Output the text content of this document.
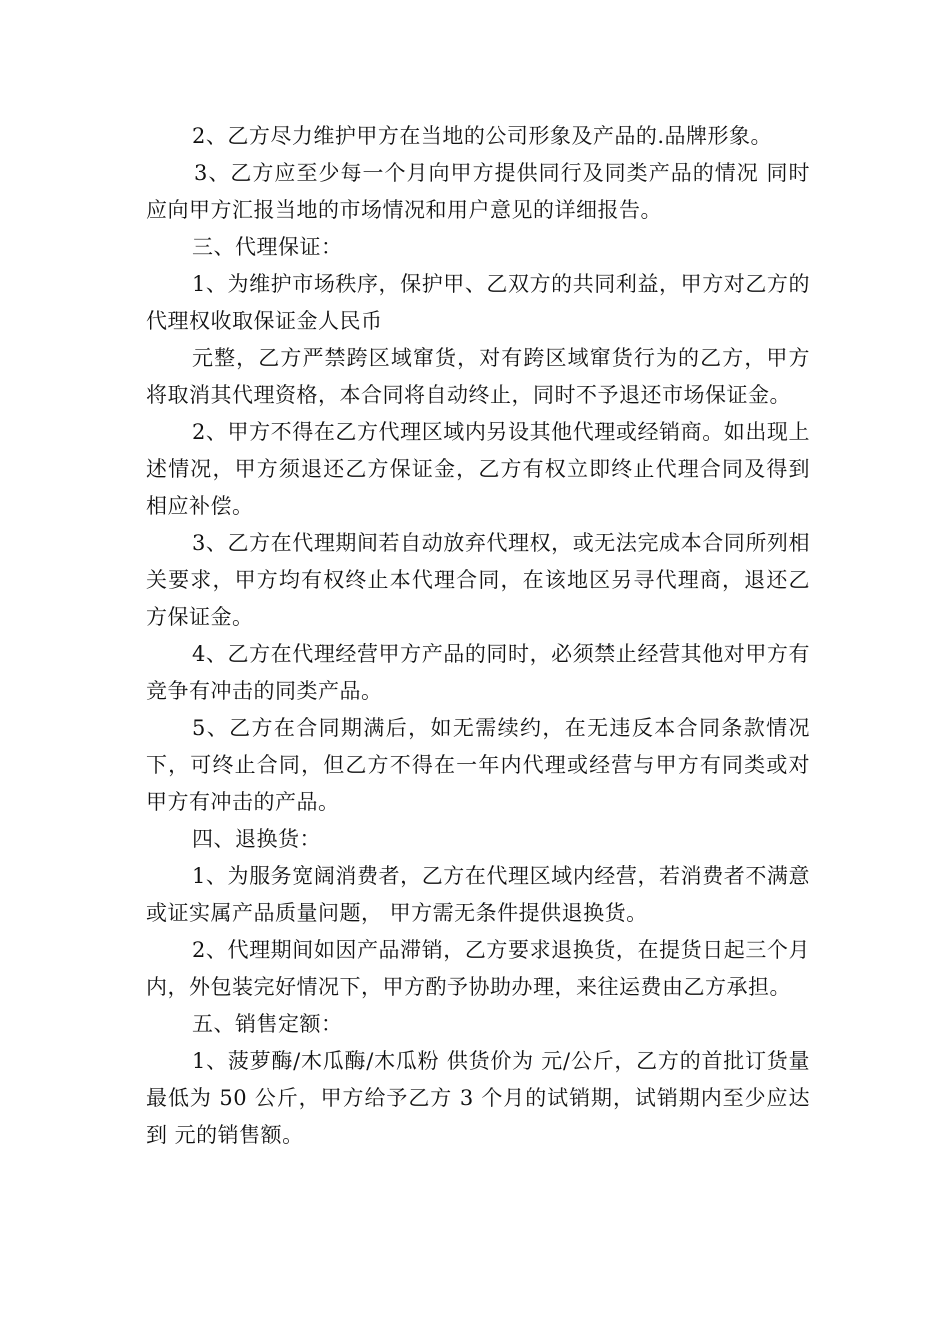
2、乙方尽力维护甲方在当地的公司形象及产品的.品牌形象。

3、乙方应至少每一个月向甲方提供同行及同类产品的情况 同时应向甲方汇报当地的市场情况和用户意见的详细报告。

三、代理保证：

1、为维护市场秩序，保护甲、乙双方的共同利益，甲方对乙方的代理权收取保证金人民币

元整，乙方严禁跨区域窜货，对有跨区域窜货行为的乙方，甲方将取消其代理资格，本合同将自动终止，同时不予退还市场保证金。

2、甲方不得在乙方代理区域内另设其他代理或经销商。如出现上述情况，甲方须退还乙方保证金，乙方有权立即终止代理合同及得到相应补偿。

3、乙方在代理期间若自动放弃代理权，或无法完成本合同所列相关要求，甲方均有权终止本代理合同，在该地区另寻代理商，退还乙方保证金。

4、乙方在代理经营甲方产品的同时，必须禁止经营其他对甲方有竞争有冲击的同类产品。

5、乙方在合同期满后，如无需续约，在无违反本合同条款情况下，可终止合同，但乙方不得在一年内代理或经营与甲方有同类或对甲方有冲击的产品。

四、退换货：

1、为服务宽阔消费者，乙方在代理区域内经营，若消费者不满意或证实属产品质量问题， 甲方需无条件提供退换货。

2、代理期间如因产品滞销，乙方要求退换货，在提货日起三个月内，外包装完好情况下，甲方酌予协助办理，来往运费由乙方承担。

五、销售定额：

1、菠萝酶/木瓜酶/木瓜粉 供货价为 元/公斤，乙方的首批订货量最低为 50 公斤，甲方给予乙方 3 个月的试销期，试销期内至少应达到 元的销售额。
